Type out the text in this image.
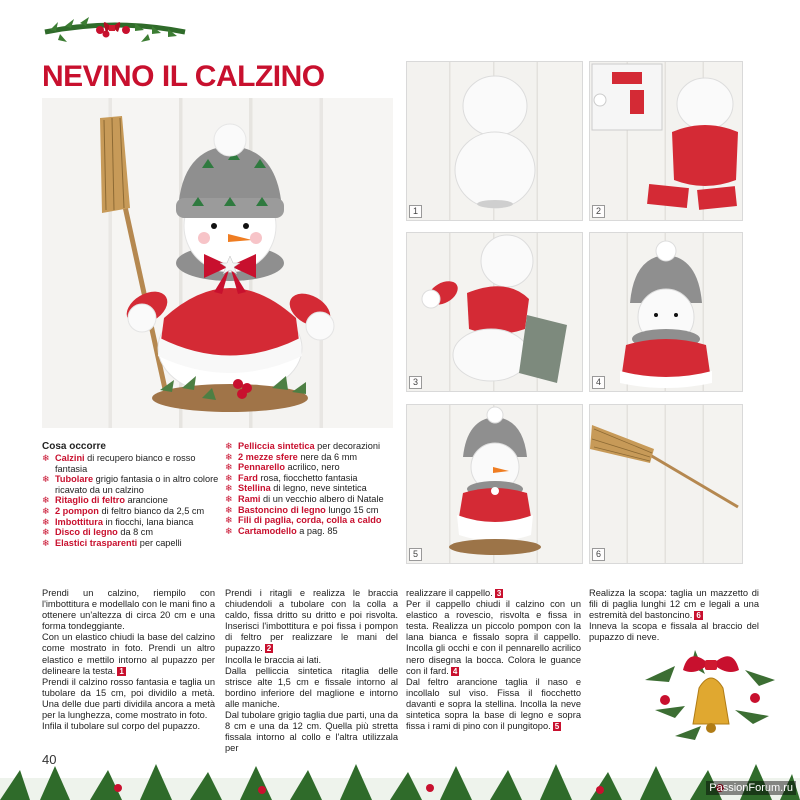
NEVINO IL CALZINO
1	2
3	4
5	6
Cosa occorre
❄ Calzini di recupero bianco e rosso fantasia
❄ Tubolare grigio fantasia o in altro colore ricavato da un calzino
❄ Ritaglio di feltro arancione
❄ 2 pompon di feltro bianco da 2,5 cm
❄ Imbottitura in fiocchi, lana bianca
❄ Disco di legno da 8 cm
❄ Elastici trasparenti per capelli
❄ Pelliccia sintetica per decorazioni
❄ 2 mezze sfere nere da 6 mm
❄ Pennarello acrilico, nero
❄ Fard rosa, fiocchetto fantasia
❄ Stellina di legno, neve sintetica
❄ Rami di un vecchio albero di Natale
❄ Bastoncino di legno lungo 15 cm
❄ Fili di paglia, corda, colla a caldo
❄ Cartamodello a pag. 85

Prendi un calzino, riempilo con l'imbottitura e modellalo con le mani fino a ottenere un'altezza di circa 20 cm e una forma tondeggiante.

Con un elastico chiudi la base del calzino come mostrato in foto. Prendi un altro elastico e mettilo intorno al pupazzo per delineare la testa. 1

Prendi il calzino rosso fantasia e taglia un tubolare da 15 cm, poi dividilo a metà. Una delle due parti dividila ancora a metà per la lunghezza, come mostrato in foto.

Infila il tubolare sul corpo del pupazzo.

Prendi i ritagli e realizza le braccia chiudendoli a tubolare con la colla a caldo, fissa dritto su dritto e poi risvolta. Inserisci l'imbottitura e poi fissa i pompon di feltro per realizzare le mani del pupazzo. 2

Incolla le braccia ai lati.

Dalla pelliccia sintetica ritaglia delle strisce alte 1,5 cm e fissale intorno al bordino inferiore del maglione e intorno alle maniche.

Dal tubolare grigio taglia due parti, una da 8 cm e una da 12 cm. Quella più stretta fissala intorno al collo e l'altra utilizzala per

realizzare il cappello. 3

Per il cappello chiudi il calzino con un elastico a rovescio, risvolta e fissa in testa. Realizza un piccolo pompon con la lana bianca e fissalo sopra il cappello. Incolla gli occhi e con il pennarello acrilico nero disegna la bocca. Colora le guance con il fard. 4

Dal feltro arancione taglia il naso e incollalo sul viso. Fissa il fiocchetto davanti e sopra la stellina. Incolla la neve sintetica sopra la base di legno e sopra fissa i rami di pino con il pungitopo. 5

Realizza la scopa: taglia un mazzetto di fili di paglia lunghi 12 cm e legali a una estremità del bastoncino. 6

Inneva la scopa e fissala al braccio del pupazzo di neve.

40
PassionForum.ru
